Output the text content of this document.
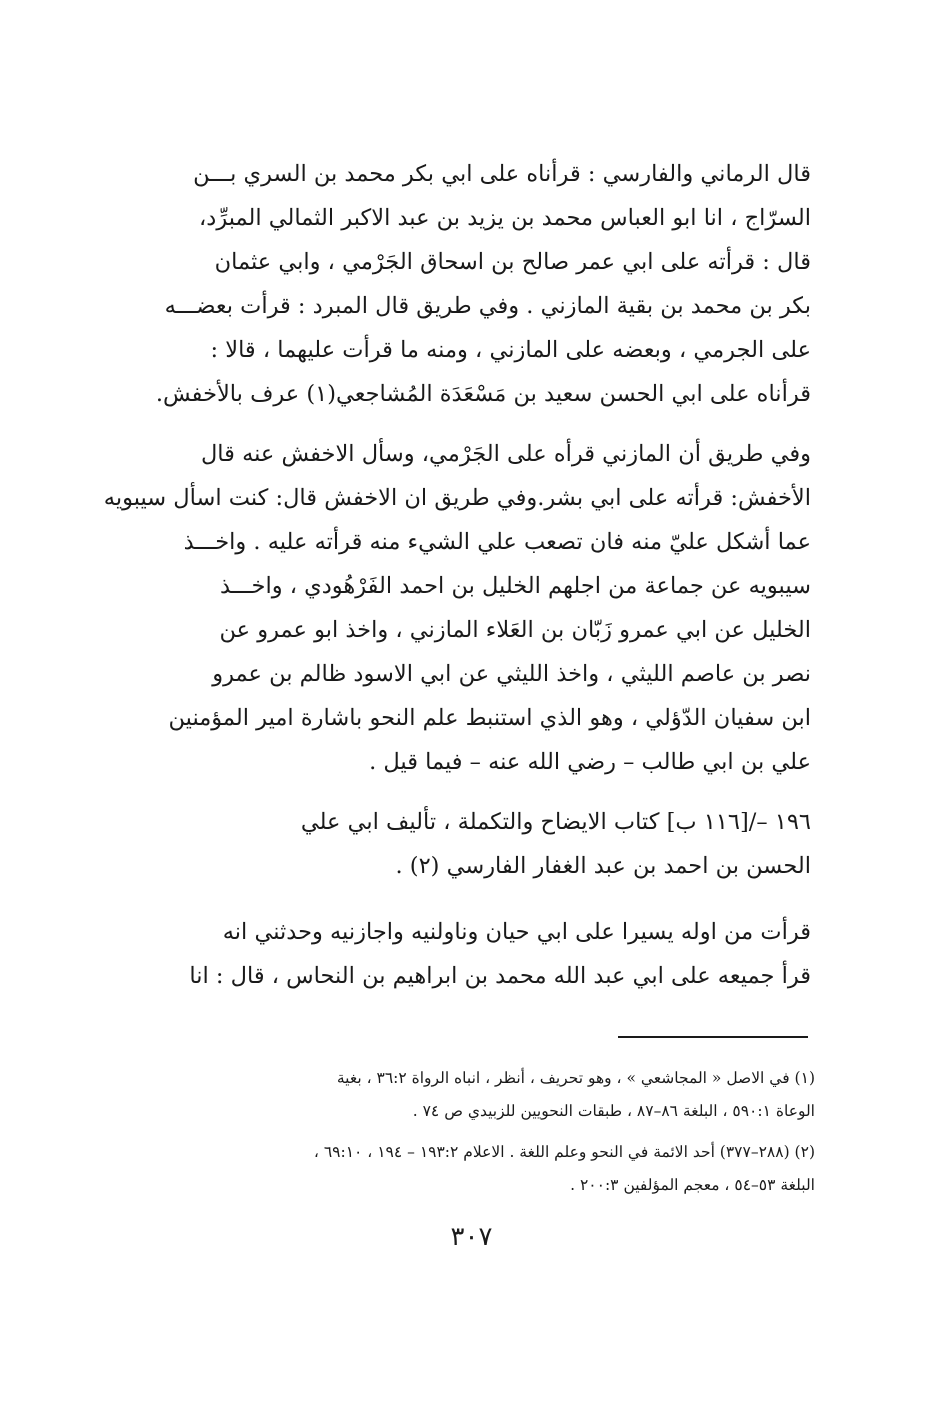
قال الرماني والفارسي : قرأناه على ابي بكر محمد بن السري بـــن
السرّاج ، انا ابو العباس محمد بن يزيد بن عبد الاكبر الثمالي المبرِّد،
قال : قرأته على ابي عمر صالح بن اسحاق الجَرْمي ، وابي عثمان
بكر بن محمد بن بقية المازني . وفي طريق قال المبرد : قرأت بعضـــه
على الجرمي ، وبعضه على المازني ، ومنه ما قرأت عليهما ، قالا :
قرأناه على ابي الحسن سعيد بن مَسْعَدَة المُشاجعي(١) عرف بالأخفش.
وفي طريق أن المازني قرأه على الجَرْمي، وسأل الاخفش عنه قال
الأخفش: قرأته على ابي بشر.وفي طريق ان الاخفش قال: كنت اسأل سيبويه
عما أشكل عليّ منه فان تصعب علي الشيء منه قرأته عليه . واخـــذ
سيبويه عن جماعة من اجلهم الخليل بن احمد الفَرْهُودي ، واخـــذ
الخليل عن ابي عمرو زَبّان بن العَلاء المازني ، واخذ ابو عمرو عن
نصر بن عاصم الليثي ، واخذ الليثي عن ابي الاسود ظالم بن عمرو
ابن سفيان الدّؤلي ، وهو الذي استنبط علم النحو باشارة امير المؤمنين
علي بن ابي طالب – رضي الله عنه – فيما قيل .
١٩٦ –/[١١٦ ب] كتاب الايضاح والتكملة ، تأليف ابي علي
الحسن بن احمد بن عبد الغفار الفارسي (٢) .
قرأت من اوله يسيرا على ابي حيان وناولنيه واجازنيه وحدثني انه
قرأ جميعه على ابي عبد الله محمد بن ابراهيم بن النحاس ، قال : انا
(١) في الاصل « المجاشعي » ، وهو تحريف ، أنظر ، انباه الرواة ٣٦:٢ ، بغية
الوعاة ٥٩٠:١ ، البلغة ٨٦–٨٧ ، طبقات النحويين للزبيدي ص ٧٤ .
(٢) (٢٨٨–٣٧٧) أحد الائمة في النحو وعلم اللغة . الاعلام ١٩٣:٢ – ١٩٤ ، ٦٩:١٠ ،
البلغة ٥٣–٥٤ ، معجم المؤلفين ٢٠٠:٣ .
٣٠٧
